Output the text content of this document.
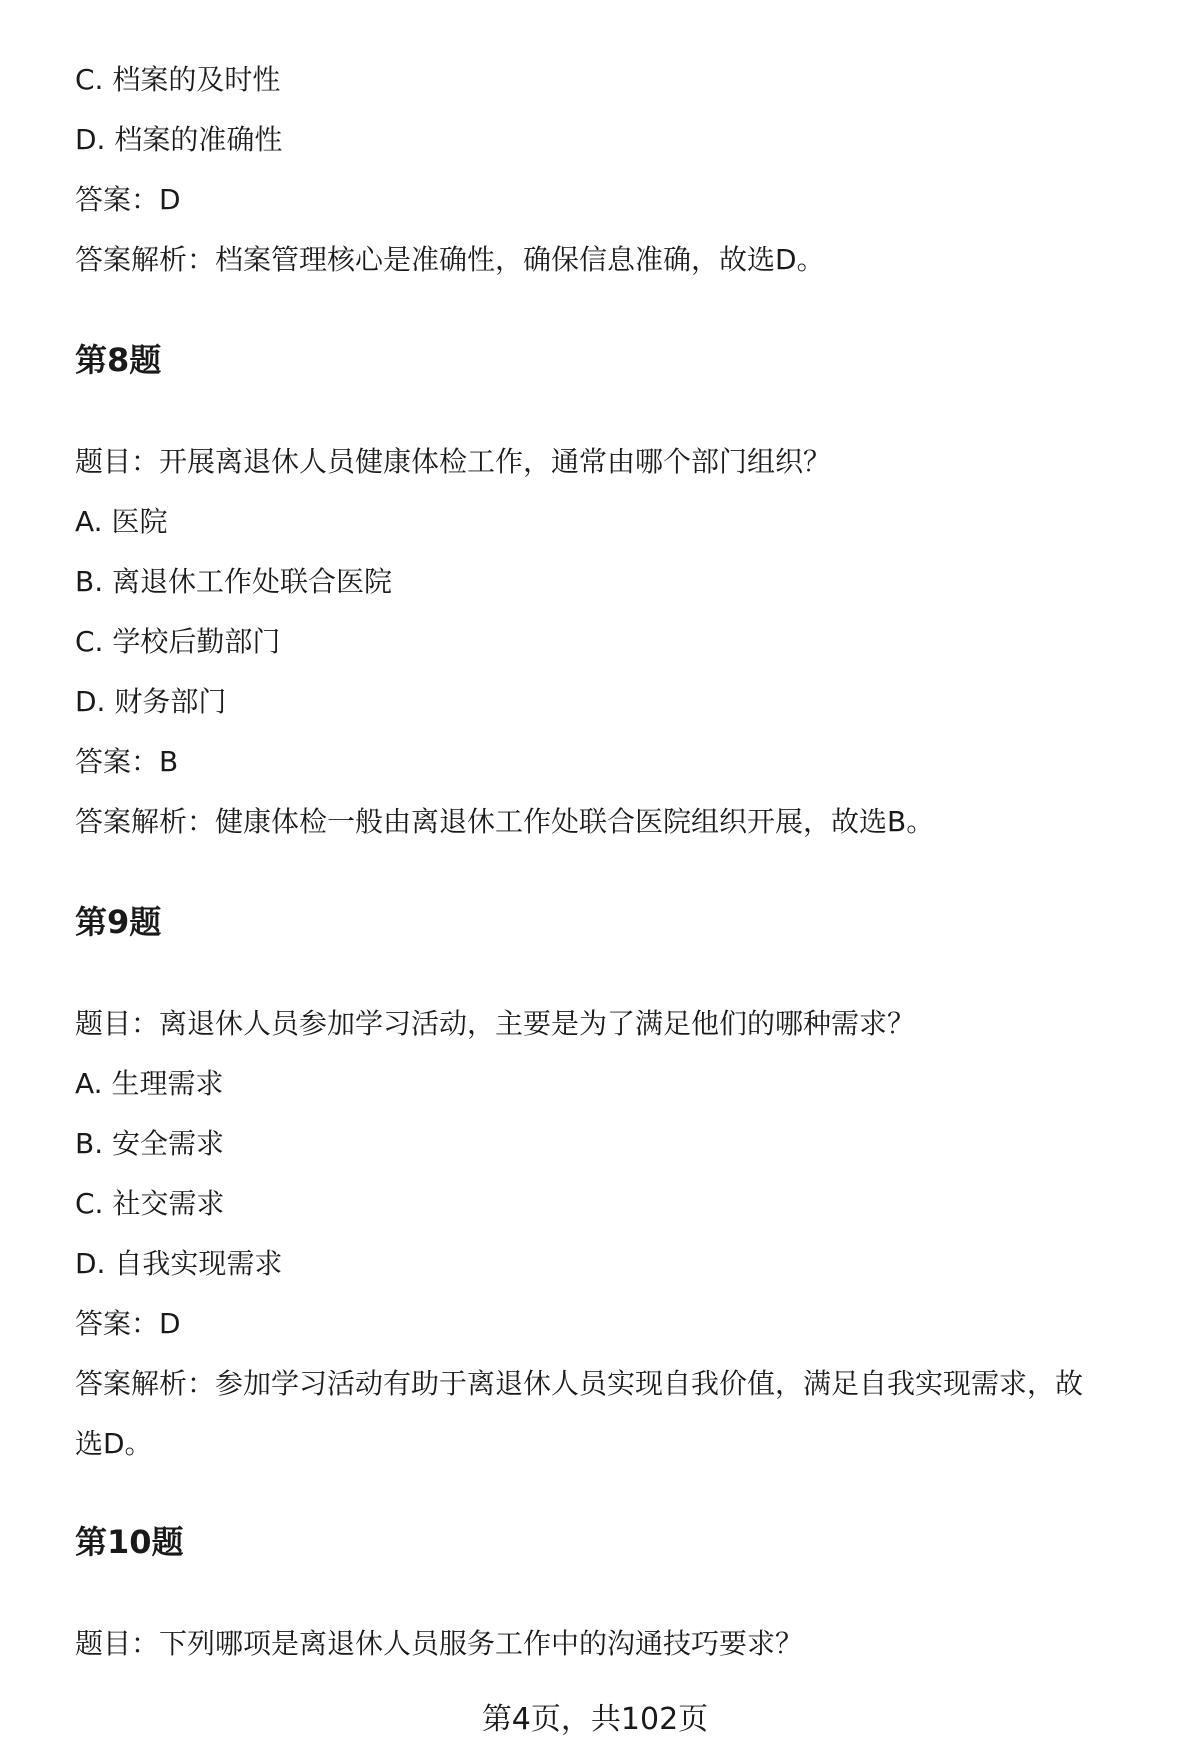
C. 档案的及时性

D. 档案的准确性

答案：D

答案解析：档案管理核心是准确性，确保信息准确，故选D。

第8题

题目：开展离退休人员健康体检工作，通常由哪个部门组织？

A. 医院

B. 离退休工作处联合医院

C. 学校后勤部门

D. 财务部门

答案：B

答案解析：健康体检一般由离退休工作处联合医院组织开展，故选B。

第9题

题目：离退休人员参加学习活动，主要是为了满足他们的哪种需求？

A. 生理需求

B. 安全需求

C. 社交需求

D. 自我实现需求

答案：D

答案解析：参加学习活动有助于离退休人员实现自我价值，满足自我实现需求，故

选D。

第10题

题目：下列哪项是离退休人员服务工作中的沟通技巧要求？

第4页，共102页
